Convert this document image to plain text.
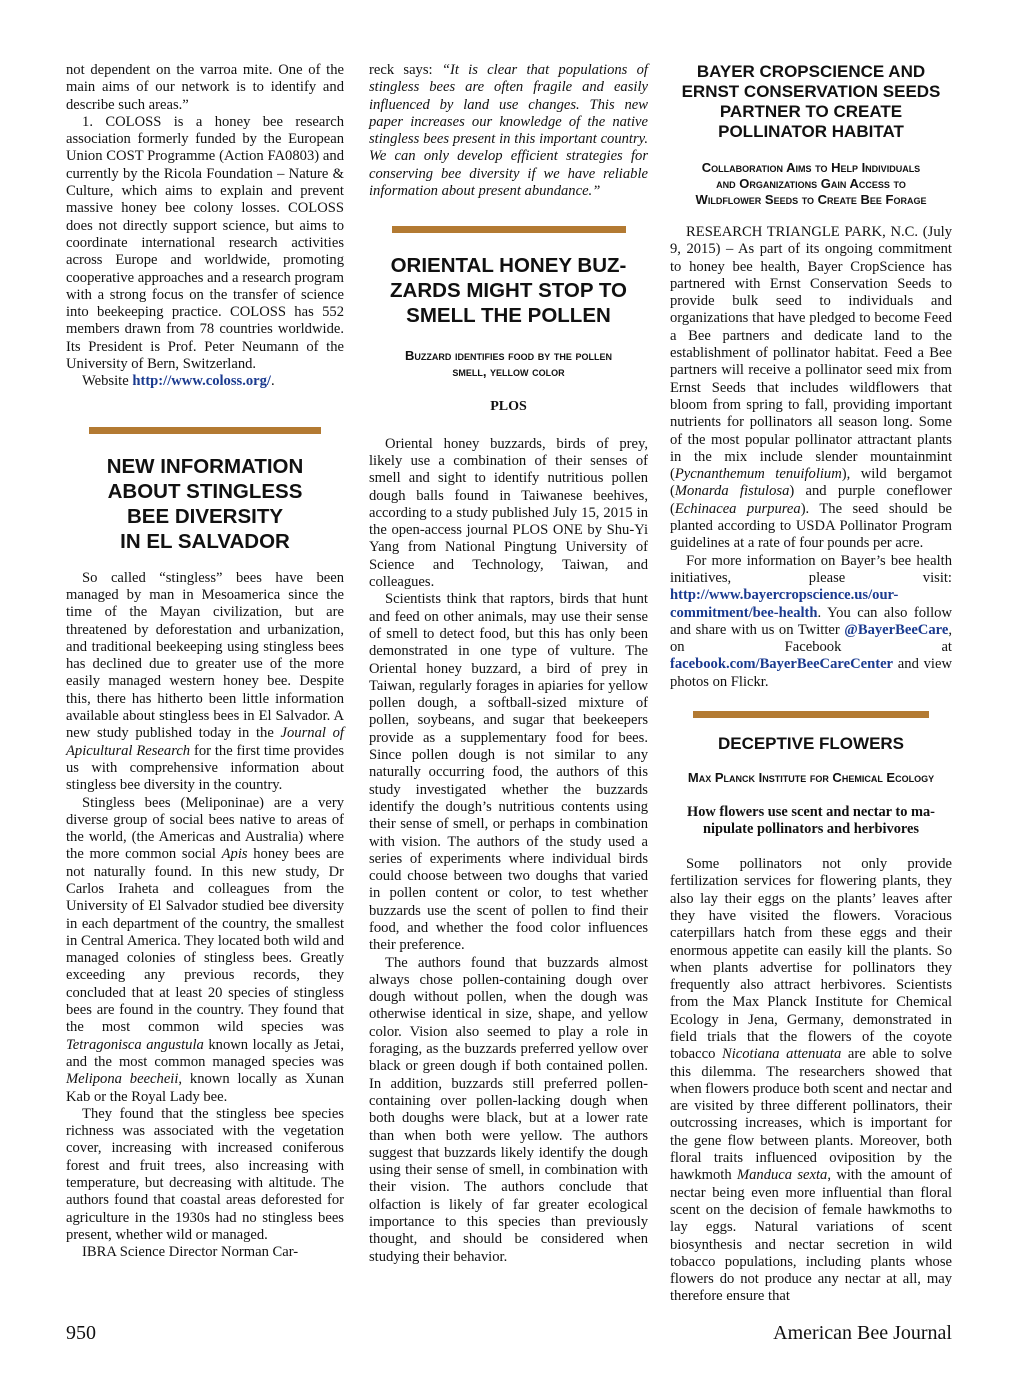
not dependent on the varroa mite. One of the main aims of our network is to identify and describe such areas.”

1. COLOSS is a honey bee research association formerly funded by the European Union COST Programme (Action FA0803) and currently by the Ricola Foundation – Nature & Culture, which aims to explain and prevent massive honey bee colony losses. COLOSS does not directly support science, but aims to coordinate international research activities across Europe and worldwide, promoting cooperative approaches and a research program with a strong focus on the transfer of science into beekeeping practice. COLOSS has 552 members drawn from 78 countries worldwide. Its President is Prof. Peter Neumann of the University of Bern, Switzerland.

Website http://www.coloss.org/.

NEW INFORMATION
ABOUT STINGLESS
BEE DIVERSITY
IN EL SALVADOR

So called “stingless” bees have been managed by man in Mesoamerica since the time of the Mayan civilization, but are threatened by deforestation and urbanization, and traditional beekeeping using stingless bees has declined due to greater use of the more easily managed western honey bee. Despite this, there has hitherto been little information available about stingless bees in El Salvador. A new study published today in the Journal of Apicultural Research for the first time provides us with comprehensive information about stingless bee diversity in the country.

Stingless bees (Meliponinae) are a very diverse group of social bees native to areas of the world, (the Americas and Australia) where the more common social Apis honey bees are not naturally found. In this new study, Dr Carlos Iraheta and colleagues from the University of El Salvador studied bee diversity in each department of the country, the smallest in Central America. They located both wild and managed colonies of stingless bees. Greatly exceeding any previous records, they concluded that at least 20 species of stingless bees are found in the country. They found that the most common wild species was Tetragonisca angustula known locally as Jetai, and the most common managed species was Melipona beecheii, known locally as Xunan Kab or the Royal Lady bee.

They found that the stingless bee species richness was associated with the vegetation cover, increasing with increased coniferous forest and fruit trees, also increasing with temperature, but decreasing with altitude. The authors found that coastal areas deforested for agriculture in the 1930s had no stingless bees present, whether wild or managed.

IBRA Science Director Norman Car-

reck says: “It is clear that populations of stingless bees are often fragile and easily influenced by land use changes. This new paper increases our knowledge of the native stingless bees present in this important country. We can only develop efficient strategies for conserving bee diversity if we have reliable information about present abundance.”

ORIENTAL HONEY BUZ-
ZARDS MIGHT STOP TO
SMELL THE POLLEN
Buzzard identifies food by the pollen
smell, yellow color
PLOS

Oriental honey buzzards, birds of prey, likely use a combination of their senses of smell and sight to identify nutritious pollen dough balls found in Taiwanese beehives, according to a study published July 15, 2015 in the open-access journal PLOS ONE by Shu-Yi Yang from National Pingtung University of Science and Technology, Taiwan, and colleagues.

Scientists think that raptors, birds that hunt and feed on other animals, may use their sense of smell to detect food, but this has only been demonstrated in one type of vulture. The Oriental honey buzzard, a bird of prey in Taiwan, regularly forages in apiaries for yellow pollen dough, a softball-sized mixture of pollen, soybeans, and sugar that beekeepers provide as a supplementary food for bees. Since pollen dough is not similar to any naturally occurring food, the authors of this study investigated whether the buzzards identify the dough’s nutritious contents using their sense of smell, or perhaps in combination with vision. The authors of the study used a series of experiments where individual birds could choose between two doughs that varied in pollen content or color, to test whether buzzards use the scent of pollen to find their food, and whether the food color influences their preference.

The authors found that buzzards almost always chose pollen-containing dough over dough without pollen, when the dough was otherwise identical in size, shape, and yellow color. Vision also seemed to play a role in foraging, as the buzzards preferred yellow over black or green dough if both contained pollen. In addition, buzzards still preferred pollen-containing over pollen-lacking dough when both doughs were black, but at a lower rate than when both were yellow. The authors suggest that buzzards likely identify the dough using their sense of smell, in combination with their vision. The authors conclude that olfaction is likely of far greater ecological importance to this species than previously thought, and should be considered when studying their behavior.

BAYER CROPSCIENCE AND
ERNST CONSERVATION SEEDS
PARTNER TO CREATE
POLLINATOR HABITAT
Collaboration Aims to Help Individuals
and Organizations Gain Access to
Wildflower Seeds to Create Bee Forage

RESEARCH TRIANGLE PARK, N.C. (July 9, 2015) – As part of its ongoing commitment to honey bee health, Bayer CropScience has partnered with Ernst Conservation Seeds to provide bulk seed to individuals and organizations that have pledged to become Feed a Bee partners and dedicate land to the establishment of pollinator habitat. Feed a Bee partners will receive a pollinator seed mix from Ernst Seeds that includes wildflowers that bloom from spring to fall, providing important nutrients for pollinators all season long. Some of the most popular pollinator attractant plants in the mix include slender mountainmint (Pycnanthemum tenuifolium), wild bergamot (Monarda fistulosa) and purple coneflower (Echinacea purpurea). The seed should be planted according to USDA Pollinator Program guidelines at a rate of four pounds per acre.

For more information on Bayer’s bee health initiatives, please visit: http://www.bayercropscience.us/our-commitment/bee-health. You can also follow and share with us on Twitter @BayerBeeCare, on Facebook at facebook.com/BayerBeeCareCenter and view photos on Flickr.

DECEPTIVE FLOWERS
Max Planck Institute for Chemical Ecology
How flowers use scent and nectar to ma-
nipulate pollinators and herbivores

Some pollinators not only provide fertilization services for flowering plants, they also lay their eggs on the plants’ leaves after they have visited the flowers. Voracious caterpillars hatch from these eggs and their enormous appetite can easily kill the plants. So when plants advertise for pollinators they frequently also attract herbivores. Scientists from the Max Planck Institute for Chemical Ecology in Jena, Germany, demonstrated in field trials that the flowers of the coyote tobacco Nicotiana attenuata are able to solve this dilemma. The researchers showed that when flowers produce both scent and nectar and are visited by three different pollinators, their outcrossing increases, which is important for the gene flow between plants. Moreover, both floral traits influenced oviposition by the hawkmoth Manduca sexta, with the amount of nectar being even more influential than floral scent on the decision of female hawkmoths to lay eggs. Natural variations of scent biosynthesis and nectar secretion in wild tobacco populations, including plants whose flowers do not produce any nectar at all, may therefore ensure that

950	American Bee Journal
